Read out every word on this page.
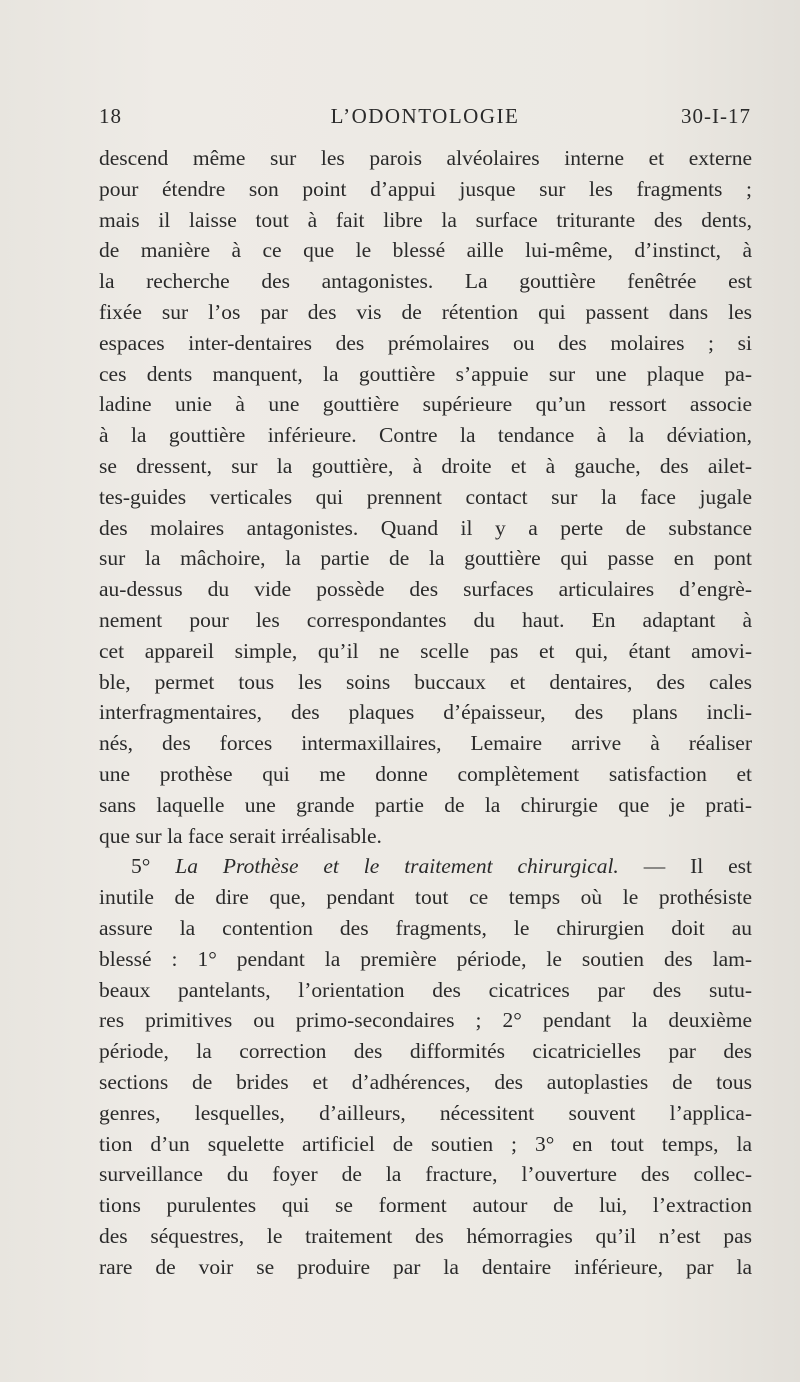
18	L’ODONTOLOGIE	30-I-17
descend même sur les parois alvéolaires interne et externe
pour étendre son point d’appui jusque sur les fragments ;
mais il laisse tout à fait libre la surface triturante des dents,
de manière à ce que le blessé aille lui-même, d’instinct, à
la recherche des antagonistes. La gouttière fenêtrée est
fixée sur l’os par des vis de rétention qui passent dans les
espaces inter-dentaires des prémolaires ou des molaires ; si
ces dents manquent, la gouttière s’appuie sur une plaque pa-
ladine unie à une gouttière supérieure qu’un ressort associe
à la gouttière inférieure. Contre la tendance à la déviation,
se dressent, sur la gouttière, à droite et à gauche, des ailet-
tes-guides verticales qui prennent contact sur la face jugale
des molaires antagonistes. Quand il y a perte de substance
sur la mâchoire, la partie de la gouttière qui passe en pont
au-dessus du vide possède des surfaces articulaires d’engrè-
nement pour les correspondantes du haut. En adaptant à
cet appareil simple, qu’il ne scelle pas et qui, étant amovi-
ble, permet tous les soins buccaux et dentaires, des cales
interfragmentaires, des plaques d’épaisseur, des plans incli-
nés, des forces intermaxillaires, Lemaire arrive à réaliser
une prothèse qui me donne complètement satisfaction et
sans laquelle une grande partie de la chirurgie que je prati-
que sur la face serait irréalisable.
5° La Prothèse et le traitement chirurgical. — Il est
inutile de dire que, pendant tout ce temps où le prothésiste
assure la contention des fragments, le chirurgien doit au
blessé : 1° pendant la première période, le soutien des lam-
beaux pantelants, l’orientation des cicatrices par des sutu-
res primitives ou primo-secondaires ; 2° pendant la deuxième
période, la correction des difformités cicatricielles par des
sections de brides et d’adhérences, des autoplasties de tous
genres, lesquelles, d’ailleurs, nécessitent souvent l’applica-
tion d’un squelette artificiel de soutien ; 3° en tout temps, la
surveillance du foyer de la fracture, l’ouverture des collec-
tions purulentes qui se forment autour de lui, l’extraction
des séquestres, le traitement des hémorragies qu’il n’est pas
rare de voir se produire par la dentaire inférieure, par la
